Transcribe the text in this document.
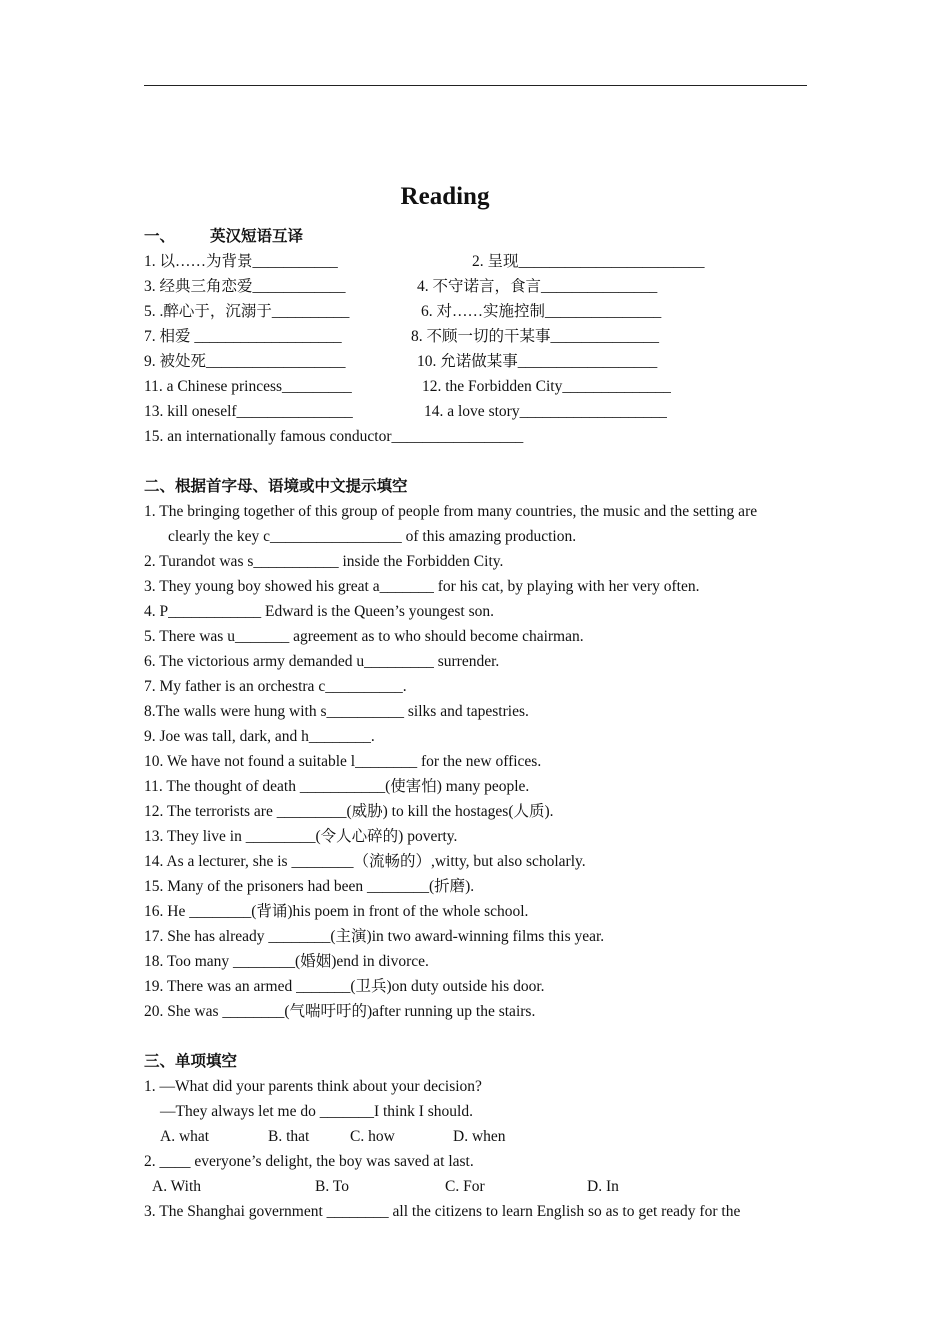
Reading
一、 英汉短语互译
1. 以……为背景___________	2. 呈现________________________
3. 经典三角恋爱____________	4. 不守诺言，食言_______________
5. .醉心于，沉溺于__________	6. 对……实施控制_______________
7. 相爱 ___________________	8. 不顾一切的干某事______________
9. 被处死__________________	10. 允诺做某事__________________
11. a Chinese princess_________	12. the Forbidden City______________
13. kill oneself_______________	14. a love story___________________
15. an internationally famous conductor_________________
二、根据首字母、语境或中文提示填空
1. The bringing together of this group of people from many countries, the music and the setting are
clearly the key c_________________ of this amazing production.
2. Turandot was s___________ inside the Forbidden City.
3. They young boy showed his great a_______ for his cat, by playing with her very often.
4. P____________ Edward is the Queen’s youngest son.
5. There was u_______ agreement as to who should become chairman.
6. The victorious army demanded u_________ surrender.
7. My father is an orchestra c__________.
8.The walls were hung with s__________ silks and tapestries.
9. Joe was tall, dark, and h________.
10. We have not found a suitable l________ for the new offices.
11. The thought of death ___________(使害怕) many people.
12. The terrorists are _________(威胁) to kill the hostages(人质).
13. They live in _________(令人心碎的) poverty.
14. As a lecturer, she is ________（流畅的）,witty, but also scholarly.
15. Many of the prisoners had been ________(折磨).
16. He ________(背诵)his poem in front of the whole school.
17. She has already ________(主演)in two award-winning films this year.
18. Too many ________(婚姻)end in divorce.
19. There was an armed _______(卫兵)on duty outside his door.
20. She was ________(气喘吁吁的)after running up the stairs.
三、单项填空
1. —What did your parents think about your decision?
—They always let me do _______I think I should.
A. what	B. that	C. how	D. when
2. ____ everyone’s delight, the boy was saved at last.
A. With	B. To	C. For	D. In
3. The Shanghai government ________ all the citizens to learn English so as to get ready for the
